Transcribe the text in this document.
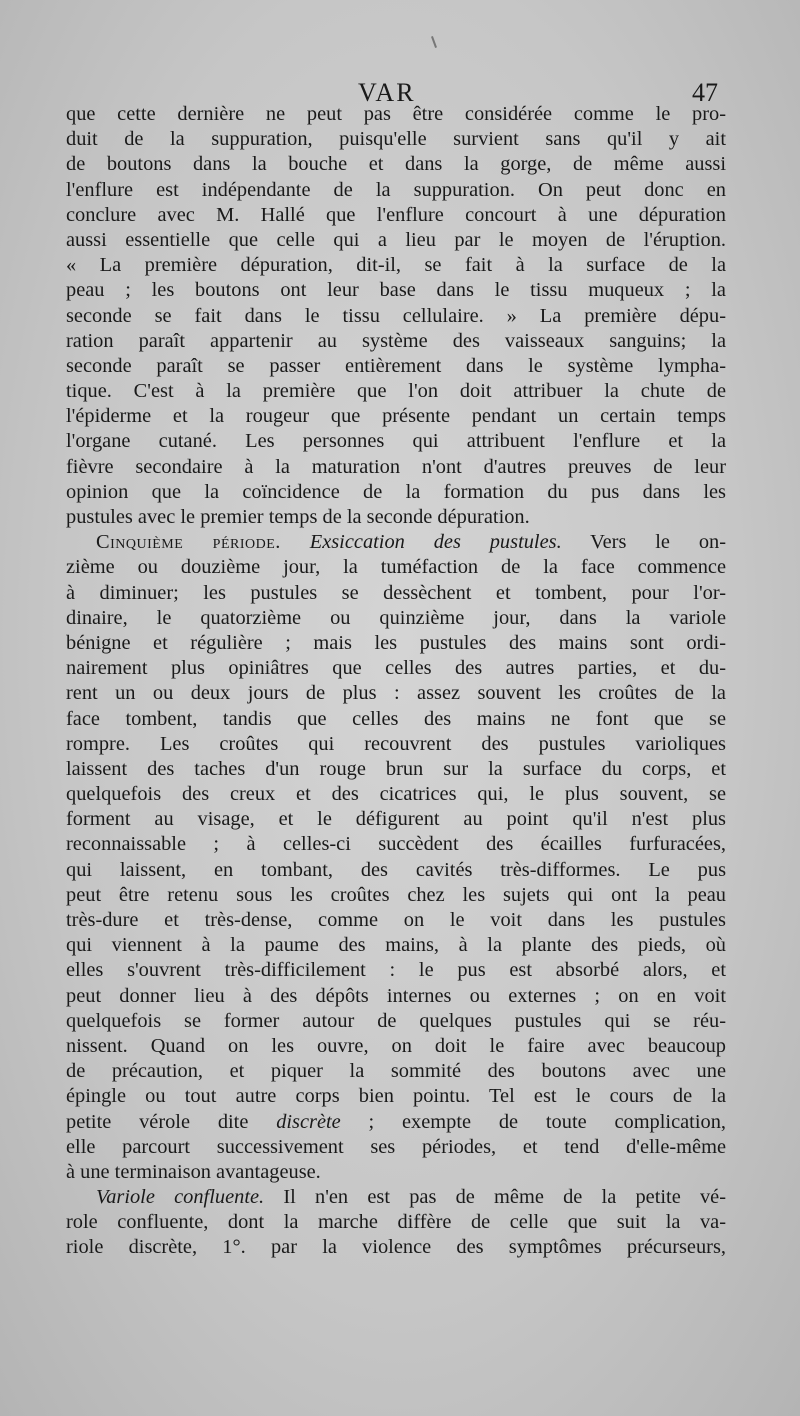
VAR	47
que cette dernière ne peut pas être considérée comme le pro-
duit de la suppuration, puisqu'elle survient sans qu'il y ait
de boutons dans la bouche et dans la gorge, de même aussi
l'enflure est indépendante de la suppuration. On peut donc en
conclure avec M. Hallé que l'enflure concourt à une dépuration
aussi essentielle que celle qui a lieu par le moyen de l'éruption.
« La première dépuration, dit-il, se fait à la surface de la
peau ; les boutons ont leur base dans le tissu muqueux ; la
seconde se fait dans le tissu cellulaire. » La première dépu-
ration paraît appartenir au système des vaisseaux sanguins; la
seconde paraît se passer entièrement dans le système lympha-
tique. C'est à la première que l'on doit attribuer la chute de
l'épiderme et la rougeur que présente pendant un certain temps
l'organe cutané. Les personnes qui attribuent l'enflure et la
fièvre secondaire à la maturation n'ont d'autres preuves de leur
opinion que la coïncidence de la formation du pus dans les
pustules avec le premier temps de la seconde dépuration.
Cinquième période. Exsiccation des pustules. Vers le on-
zième ou douzième jour, la tuméfaction de la face commence
à diminuer; les pustules se dessèchent et tombent, pour l'or-
dinaire, le quatorzième ou quinzième jour, dans la variole
bénigne et régulière ; mais les pustules des mains sont ordi-
nairement plus opiniâtres que celles des autres parties, et du-
rent un ou deux jours de plus : assez souvent les croûtes de la
face tombent, tandis que celles des mains ne font que se
rompre. Les croûtes qui recouvrent des pustules varioliques
laissent des taches d'un rouge brun sur la surface du corps, et
quelquefois des creux et des cicatrices qui, le plus souvent, se
forment au visage, et le défigurent au point qu'il n'est plus
reconnaissable ; à celles-ci succèdent des écailles furfuracées,
qui laissent, en tombant, des cavités très-difformes. Le pus
peut être retenu sous les croûtes chez les sujets qui ont la peau
très-dure et très-dense, comme on le voit dans les pustules
qui viennent à la paume des mains, à la plante des pieds, où
elles s'ouvrent très-difficilement : le pus est absorbé alors, et
peut donner lieu à des dépôts internes ou externes ; on en voit
quelquefois se former autour de quelques pustules qui se réu-
nissent. Quand on les ouvre, on doit le faire avec beaucoup
de précaution, et piquer la sommité des boutons avec une
épingle ou tout autre corps bien pointu. Tel est le cours de la
petite vérole dite discrète ; exempte de toute complication,
elle parcourt successivement ses périodes, et tend d'elle-même
à une terminaison avantageuse.
Variole confluente. Il n'en est pas de même de la petite vé-
role confluente, dont la marche diffère de celle que suit la va-
riole discrète, 1°. par la violence des symptômes précurseurs,
